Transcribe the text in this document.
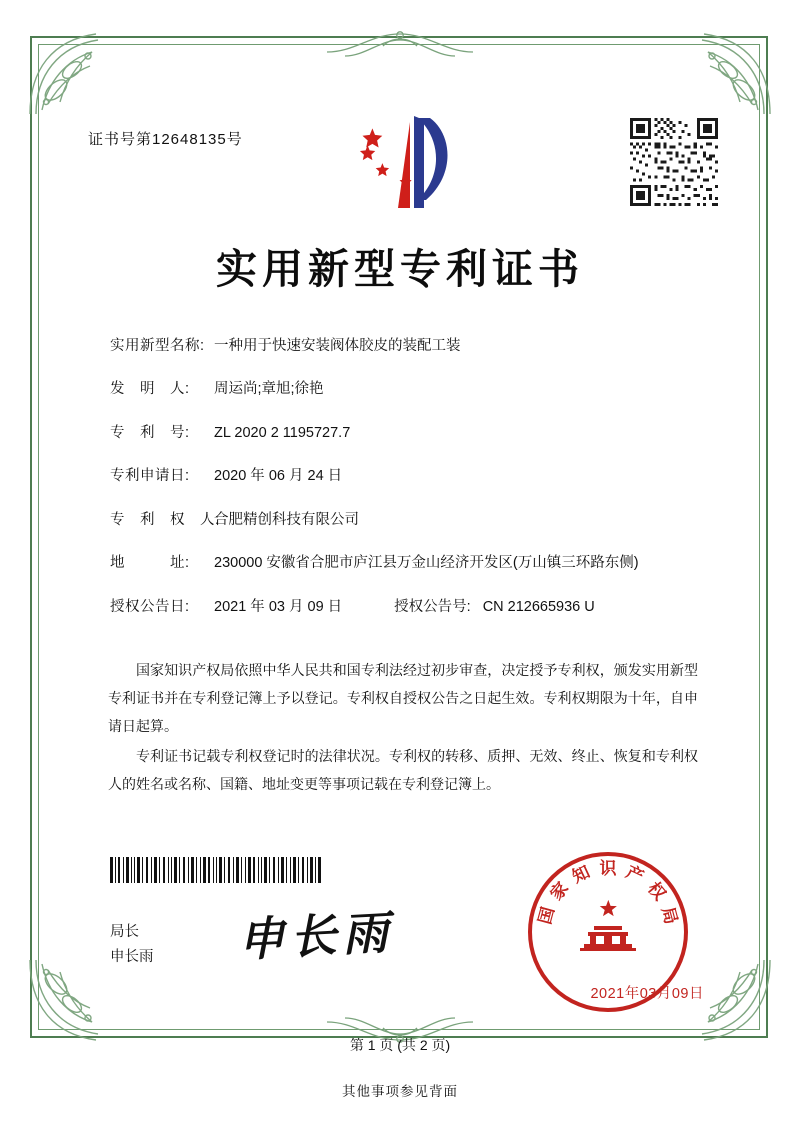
证书号第12648135号
实用新型专利证书
实用新型名称: 一种用于快速安装阀体胶皮的装配工装
发　明　人:	周运尚;章旭;徐艳
专　利　号:	ZL 2020 2 1195727.7
专利申请日:	2020 年 06 月 24 日
专　利　权　人:
合肥精创科技有限公司
地　　　址:	230000 安徽省合肥市庐江县万金山经济开发区(万山镇三环路东侧)
授权公告日:	2021 年 03 月 09 日	授权公告号: CN 212665936 U

国家知识产权局依照中华人民共和国专利法经过初步审查，决定授予专利权，颁发实用新型专利证书并在专利登记簿上予以登记。专利权自授权公告之日起生效。专利权期限为十年，自申请日起算。

专利证书记载专利权登记时的法律状况。专利权的转移、质押、无效、终止、恢复和专利权人的姓名或名称、国籍、地址变更等事项记载在专利登记簿上。

局长
申长雨 申长雨	国
家
知 识 产
权
局
2021年03月09日
第 1 页 (共 2 页)
其他事项参见背面
